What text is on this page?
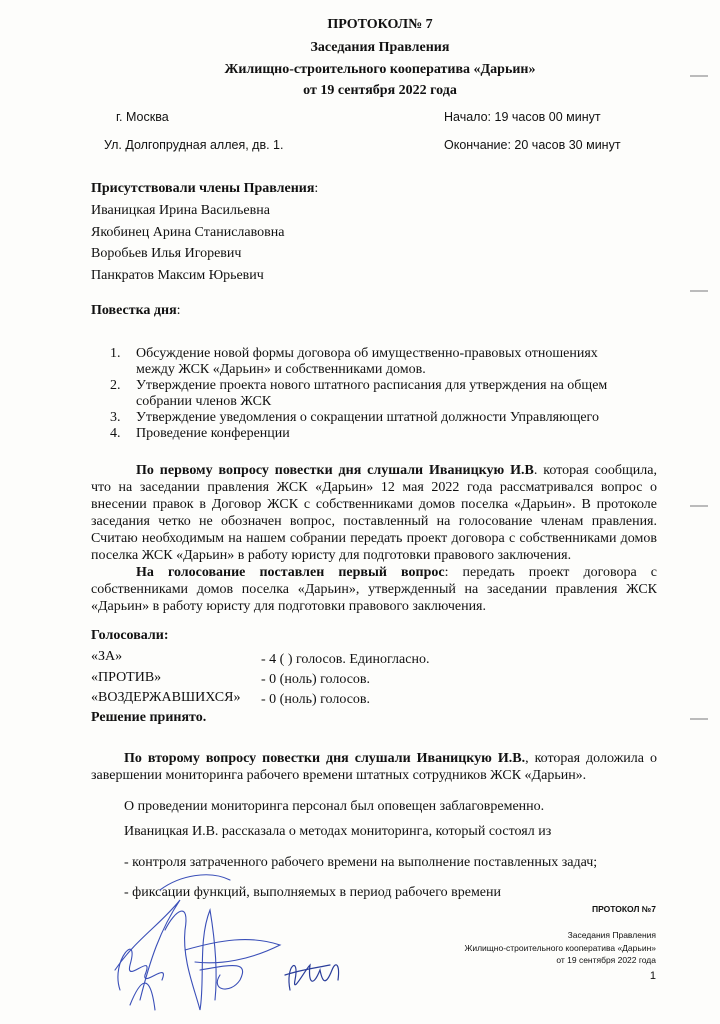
ПРОТОКОЛ№ 7
Заседания Правления
Жилищно-строительного кооператива «Дарьин»
от 19 сентября 2022 года
г. Москва
Ул. Долгопрудная аллея, дв. 1.
Начало: 19 часов 00 минут
Окончание: 20 часов 30 минут
Присутствовали члены Правления:
Иваницкая Ирина Васильевна
Якобинец Арина Станиславовна
Воробьев Илья Игоревич
Панкратов Максим Юрьевич
Повестка дня:
1. Обсуждение новой формы договора об имущественно-правовых отношениях
между ЖСК «Дарьин» и собственниками домов.
2. Утверждение проекта нового штатного расписания для утверждения на общем
собрании членов ЖСК
3. Утверждение уведомления о сокращении штатной должности Управляющего
4. Проведение конференции
По первому вопросу повестки дня слушали Иваницкую И.В. которая сообщила, что на заседании правления ЖСК «Дарьин» 12 мая 2022 года рассматривался вопрос о внесении правок в Договор ЖСК с собственниками домов поселка «Дарьин». В протоколе заседания четко не обозначен вопрос, поставленный на голосование членам правления. Считаю необходимым на нашем собрании передать проект договора с собственниками домов поселка ЖСК «Дарьин» в работу юристу для подготовки правового заключения.
На голосование поставлен первый вопрос: передать проект договора с собственниками домов поселка «Дарьин», утвержденный на заседании правления ЖСК «Дарьин» в работу юристу для подготовки правового заключения.
Голосовали:
«ЗА»	- 4 ( ) голосов. Единогласно.
«ПРОТИВ»	- 0 (ноль) голосов.
«ВОЗДЕРЖАВШИХСЯ» - 0 (ноль) голосов.
Решение принято.
По второму вопросу повестки дня слушали Иваницкую И.В., которая доложила о завершении мониторинга рабочего времени штатных сотрудников ЖСК «Дарьин».
О проведении мониторинга персонал был оповещен заблаговременно.
Иваницкая И.В. рассказала о методах мониторинга, который состоял из
- контроля затраченного рабочего времени на выполнение поставленных задач;
- фиксации функций, выполняемых в период рабочего времени
ПРОТОКОЛ №7
Заседания Правления
Жилищно-строительного кооператива «Дарьин»
от 19 сентября 2022 года
1
